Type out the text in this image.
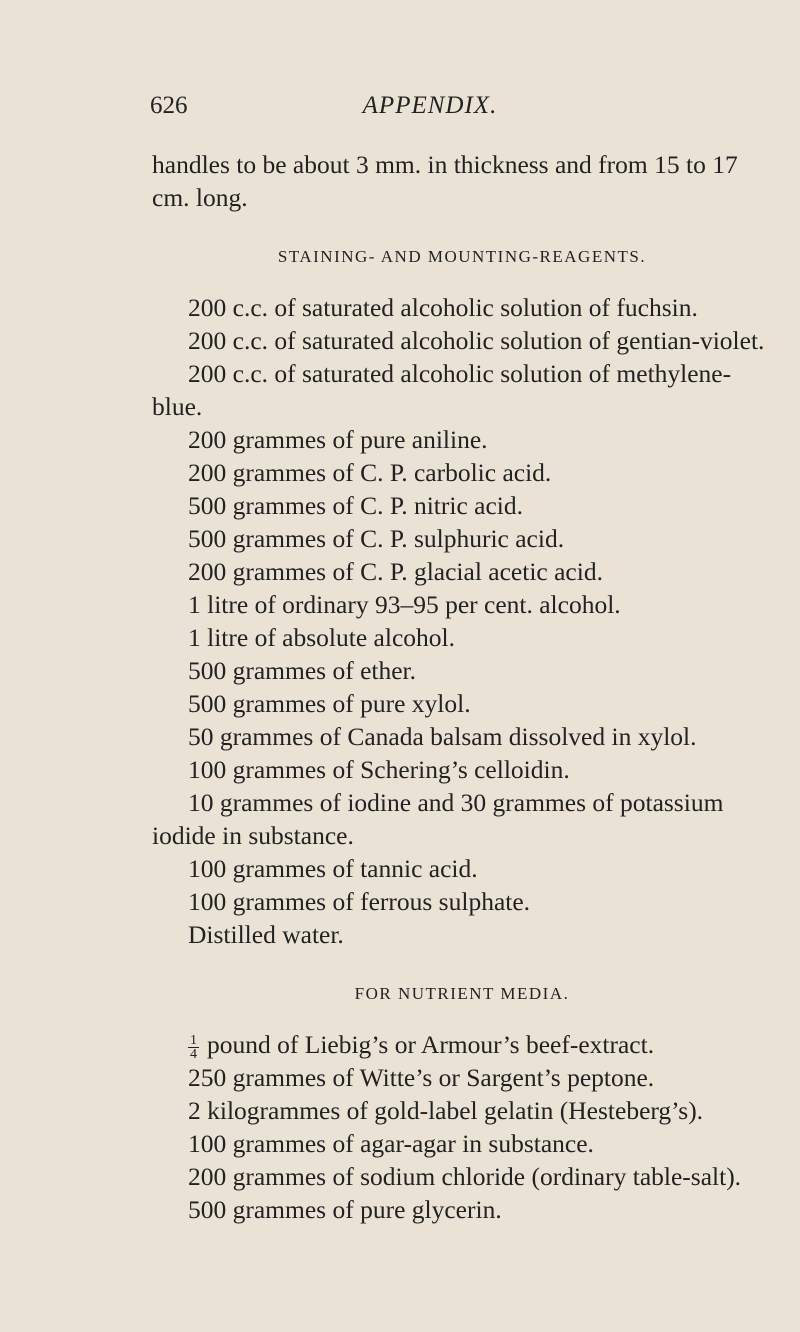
626	APPENDIX.

handles to be about 3 mm. in thickness and from 15 to 17 cm. long.

STAINING- AND MOUNTING-REAGENTS.

200 c.c. of saturated alcoholic solution of fuchsin.

200 c.c. of saturated alcoholic solution of gentian-violet.

200 c.c. of saturated alcoholic solution of methylene-blue.

200 grammes of pure aniline.

200 grammes of C. P. carbolic acid.

500 grammes of C. P. nitric acid.

500 grammes of C. P. sulphuric acid.

200 grammes of C. P. glacial acetic acid.

1 litre of ordinary 93–95 per cent. alcohol.

1 litre of absolute alcohol.

500 grammes of ether.

500 grammes of pure xylol.

50 grammes of Canada balsam dissolved in xylol.

100 grammes of Schering’s celloidin.

10 grammes of iodine and 30 grammes of potassium iodide in substance.

100 grammes of tannic acid.

100 grammes of ferrous sulphate.

Distilled water.

FOR NUTRIENT MEDIA.

$\frac{1}{4}$ pound of Liebig’s or Armour’s beef-extract.

250 grammes of Witte’s or Sargent’s peptone.

2 kilogrammes of gold-label gelatin (Hesteberg’s).

100 grammes of agar-agar in substance.

200 grammes of sodium chloride (ordinary table-salt).

500 grammes of pure glycerin.
